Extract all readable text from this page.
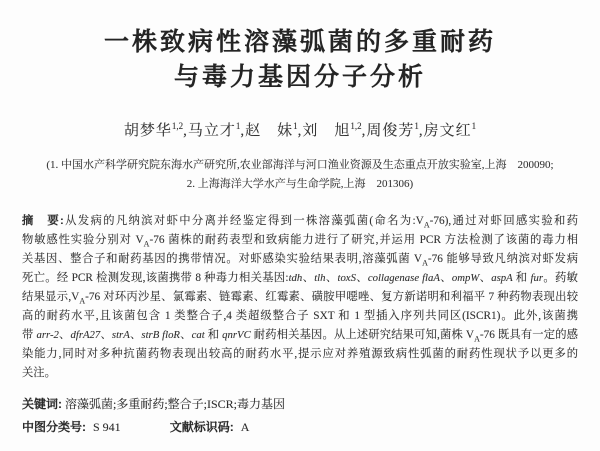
一株致病性溶藻弧菌的多重耐药
与毒力基因分子分析
胡梦华$^{1,2}$,马立才$^1$,赵　妹$^1$,刘　旭$^{1,2}$,周俊芳$^1$,房文红$^1$
(1. 中国水产科学研究院东海水产研究所,农业部海洋与河口渔业资源及生态重点开放实验室,上海　200090;
2. 上海海洋大学水产与生命学院,上海　201306)
摘　要:从发病的凡纳滨对虾中分离并经鉴定得到一株溶藻弧菌(命名为$:V_A-76$),通过对虾回感实验和药
物敏感性实验分别对 $V_A-76$ 菌株的耐药表型和致病能力进行了研究,并运用 PCR 方法检测了该菌的毒力相
关基因、整合子和耐药基因的携带情况。对虾感染实验结果表明,溶藻弧菌 $V_A-76$ 能够导致凡纳滨对虾发病
死亡。经 PCR 检测发现,该菌携带 8 种毒力相关基因:tdh、tlh、toxS、collagenase flaA、ompW、aspA 和 fur。药敏
结果显示$,V_A-76$ 对环丙沙星、氯霉素、链霉素、红霉素、磺胺甲噁唑、复方新诺明和利福平 7 种药物表现出较
高的耐药水平,且该菌包含 1 类整合子,4 类超级整合子 SXT 和 1 型插入序列共同区(ISCR1)。此外,该菌携
带 arr-2、dfrA27、strA、strB floR、cat 和 qnrVC 耐药相关基因。从上述研究结果可知,菌株 $V_A-76$ 既具有一定的感
染能力,同时对多种抗菌药物表现出较高的耐药水平,提示应对养殖源致病性弧菌的耐药性现状予以更多的
关注。
关键词: 溶藻弧菌;多重耐药;整合子;ISCR;毒力基因
中图分类号: S 941	文献标识码: A
